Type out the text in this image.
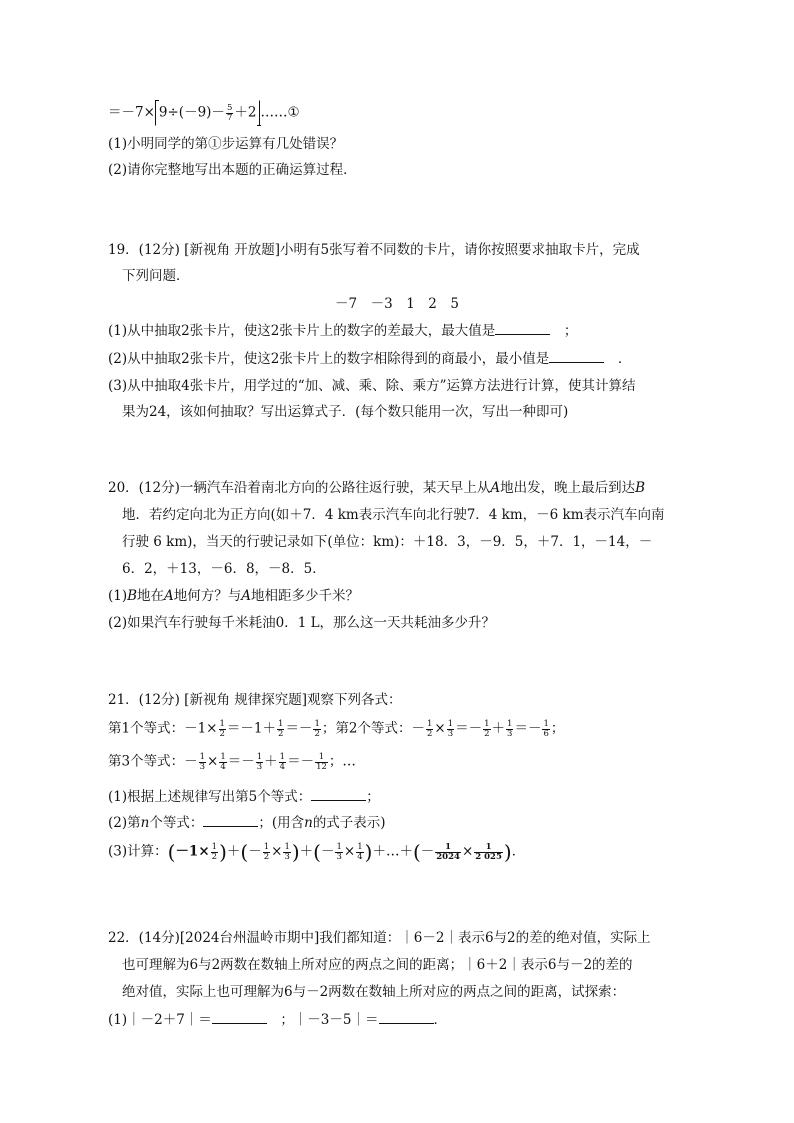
$=-7\times 9\div(-9)- \frac{5}{7} +2$ ……①
(1)小明同学的第①步运算有几处错误？
(2)请你完整地写出本题的正确运算过程．
19．(12分) [新视角 开放题]小明有5张写着不同数的卡片，请你按照要求抽取卡片，完成
下列问题．
－7　－3　1　2　5
(1)从中抽取2张卡片，使这2张卡片上的数字的差最大，最大值是　	；
(2)从中抽取2张卡片，使这2张卡片上的数字相除得到的商最小，最小值是　	．
(3)从中抽取4张卡片，用学过的“加、减、乘、除、乘方”运算方法进行计算，使其计算结
果为24，该如何抽取？写出运算式子．(每个数只能用一次，写出一种即可)
20．(12分)一辆汽车沿着南北方向的公路往返行驶，某天早上从A地出发，晚上最后到达B
地．若约定向北为正方向(如＋7．4 km表示汽车向北行驶7．4 km，－6 km表示汽车向南
行驶 6 km)，当天的行驶记录如下(单位：km)：＋18．3，－9．5，＋7．1，－14，－
6．2，＋13，－6．8，－8．5．
(1)B地在A地何方？与A地相距多少千米？
(2)如果汽车行驶每千米耗油0．1 L，那么这一天共耗油多少升？
21．(12分) [新视角 规律探究题]观察下列各式：
第1个等式：$-1\times \frac{1}{2} =-1+ \frac{1}{2} =- \frac{1}{2}$ ；第2个等式：－ $\frac{1}{2} \times \frac{1}{3} =- \frac{1}{2} + \frac{1}{3} =- \frac{1}{6}$ ；
第3个等式：－ $\frac{1}{3} \times \frac{1}{4} =- \frac{1}{3} + \frac{1}{4} =- \frac{1}{12}$ ；…
(1)根据上述规律写出第5个等式：	；
(2)第n个等式：	；(用含n的式子表示)
(3)计算：($-1\times \frac{1}{2}$ )＋(－ $\frac{1}{2} \times \frac{1}{3}$ )＋(－ $\frac{1}{3} \times \frac{1}{4}$ )＋…＋(－ $\frac{1}{2024} \times \frac{1}{2 025}$ )．
22．(14分)[2024台州温岭市期中]我们都知道：｜6－2｜表示6与2的差的绝对值，实际上
也可理解为6与2两数在数轴上所对应的两点之间的距离；｜6＋2｜表示6与－2的差的
绝对值，实际上也可理解为6与－2两数在数轴上所对应的两点之间的距离，试探索：
(1)｜－2＋7｜＝　	；｜－3－5｜＝	．
